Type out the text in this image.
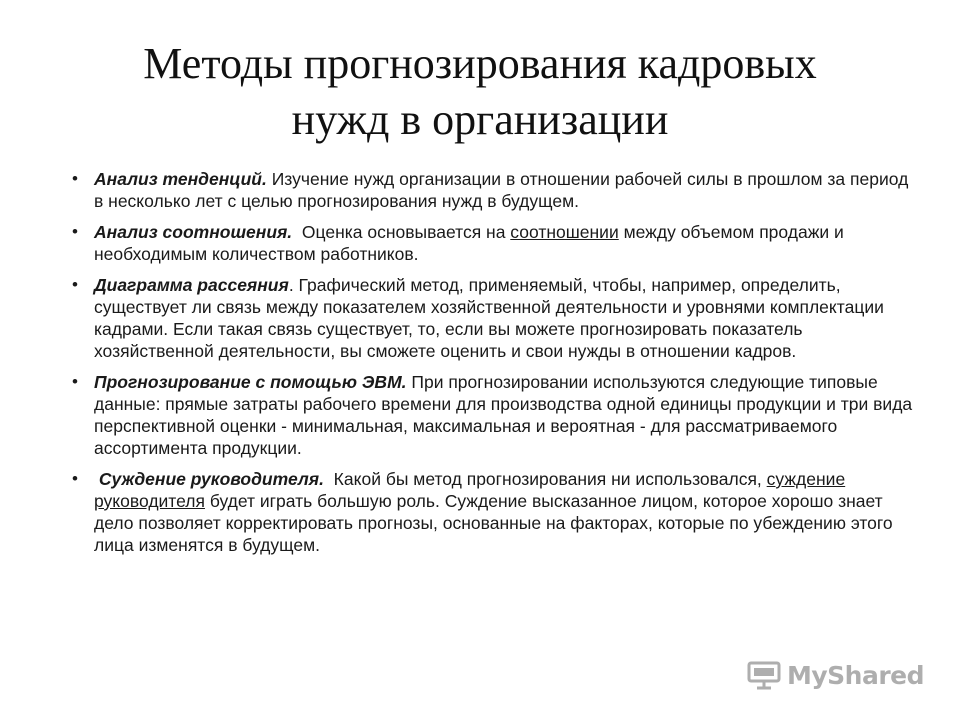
Методы прогнозирования кадровых
нужд в организации
• Анализ тенденций. Изучение нужд организации в отношении рабочей силы в прошлом за период в несколько лет с целью прогнозирования нужд в будущем.
• Анализ соотношения.  Оценка основывается на соотношении между объемом продажи и необходимым количеством работников.
• Диаграмма рассеяния. Графический метод, применяемый, чтобы, например, определить, существует ли связь между показателем хозяйственной деятельности и уровнями комплектации кадрами. Если такая связь существует, то, если вы можете прогнозировать показатель хозяйственной деятельности, вы сможете оценить и свои нужды в отношении кадров.
• Прогнозирование с помощью ЭВМ. При прогнозировании используются следующие типовые данные: прямые затраты рабочего времени для производства одной единицы продукции и три вида перспективной оценки - минимальная, максимальная и вероятная - для рассматриваемого ассортимента продукции.
• Суждение руководителя.  Какой бы метод прогнозирования ни использовался, суждение руководителя будет играть большую роль. Суждение высказанное лицом, которое хорошо знает дело позволяет корректировать прогнозы, основанные на факторах, которые по убеждению этого лица изменятся в будущем.
MyShared
